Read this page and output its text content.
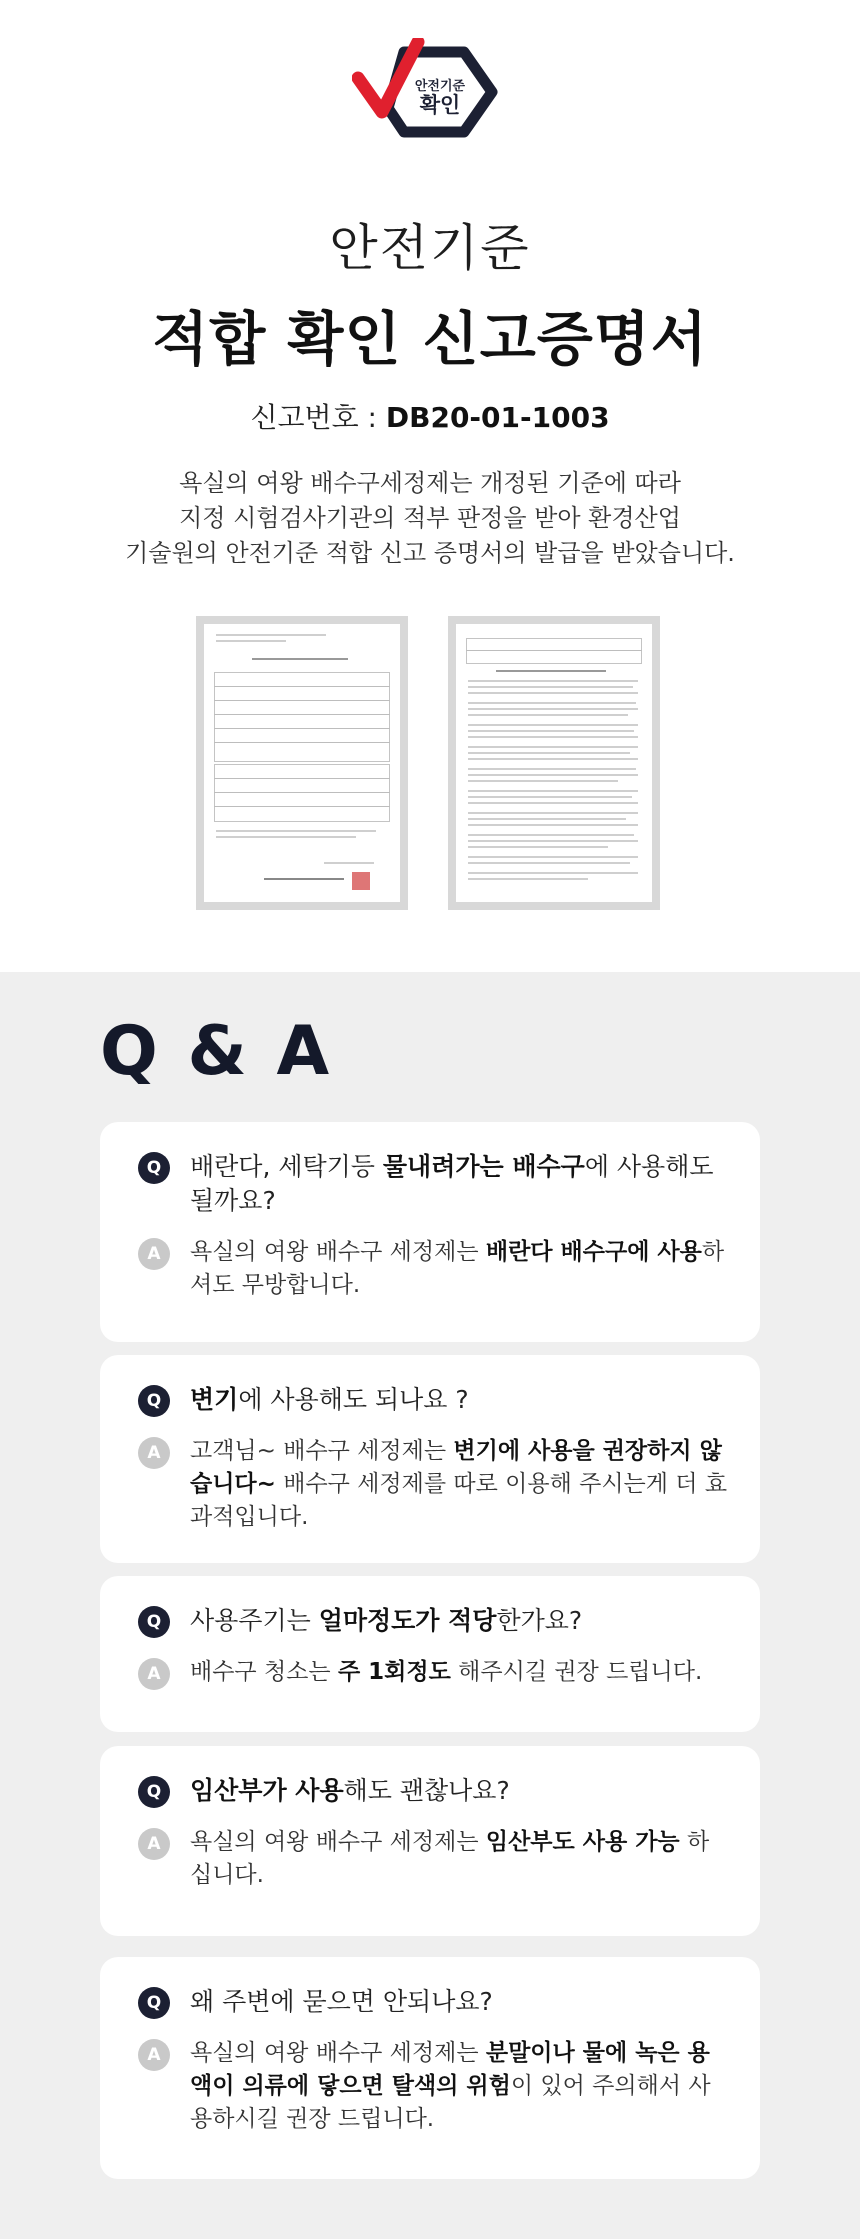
안전기준
확인
안전기준
적합 확인 신고증명서
신고번호 : DB20-01-1003
욕실의 여왕 배수구세정제는 개정된 기준에 따라
지정 시험검사기관의 적부 판정을 받아 환경산업
기술원의 안전기준 적합 신고 증명서의 발급을 받았습니다.
Q & A
Q	배란다, 세탁기등 물내려가는 배수구에 사용해도 될까요?
A	욕실의 여왕 배수구 세정제는 배란다 배수구에 사용하셔도 무방합니다.
Q	변기에 사용해도 되나요 ?
A	고객님~ 배수구 세정제는 변기에 사용을 권장하지 않습니다~ 배수구 세정제를 따로 이용해 주시는게 더 효과적입니다.
Q	사용주기는 얼마정도가 적당한가요?
A	배수구 청소는 주 1회정도 해주시길 권장 드립니다.
Q	임산부가 사용해도 괜찮나요?
A	욕실의 여왕 배수구 세정제는 임산부도 사용 가능 하십니다.
Q	왜 주변에 묻으면 안되나요?
A	욕실의 여왕 배수구 세정제는 분말이나 물에 녹은 용액이 의류에 닿으면 탈색의 위험이 있어 주의해서 사용하시길 권장 드립니다.
